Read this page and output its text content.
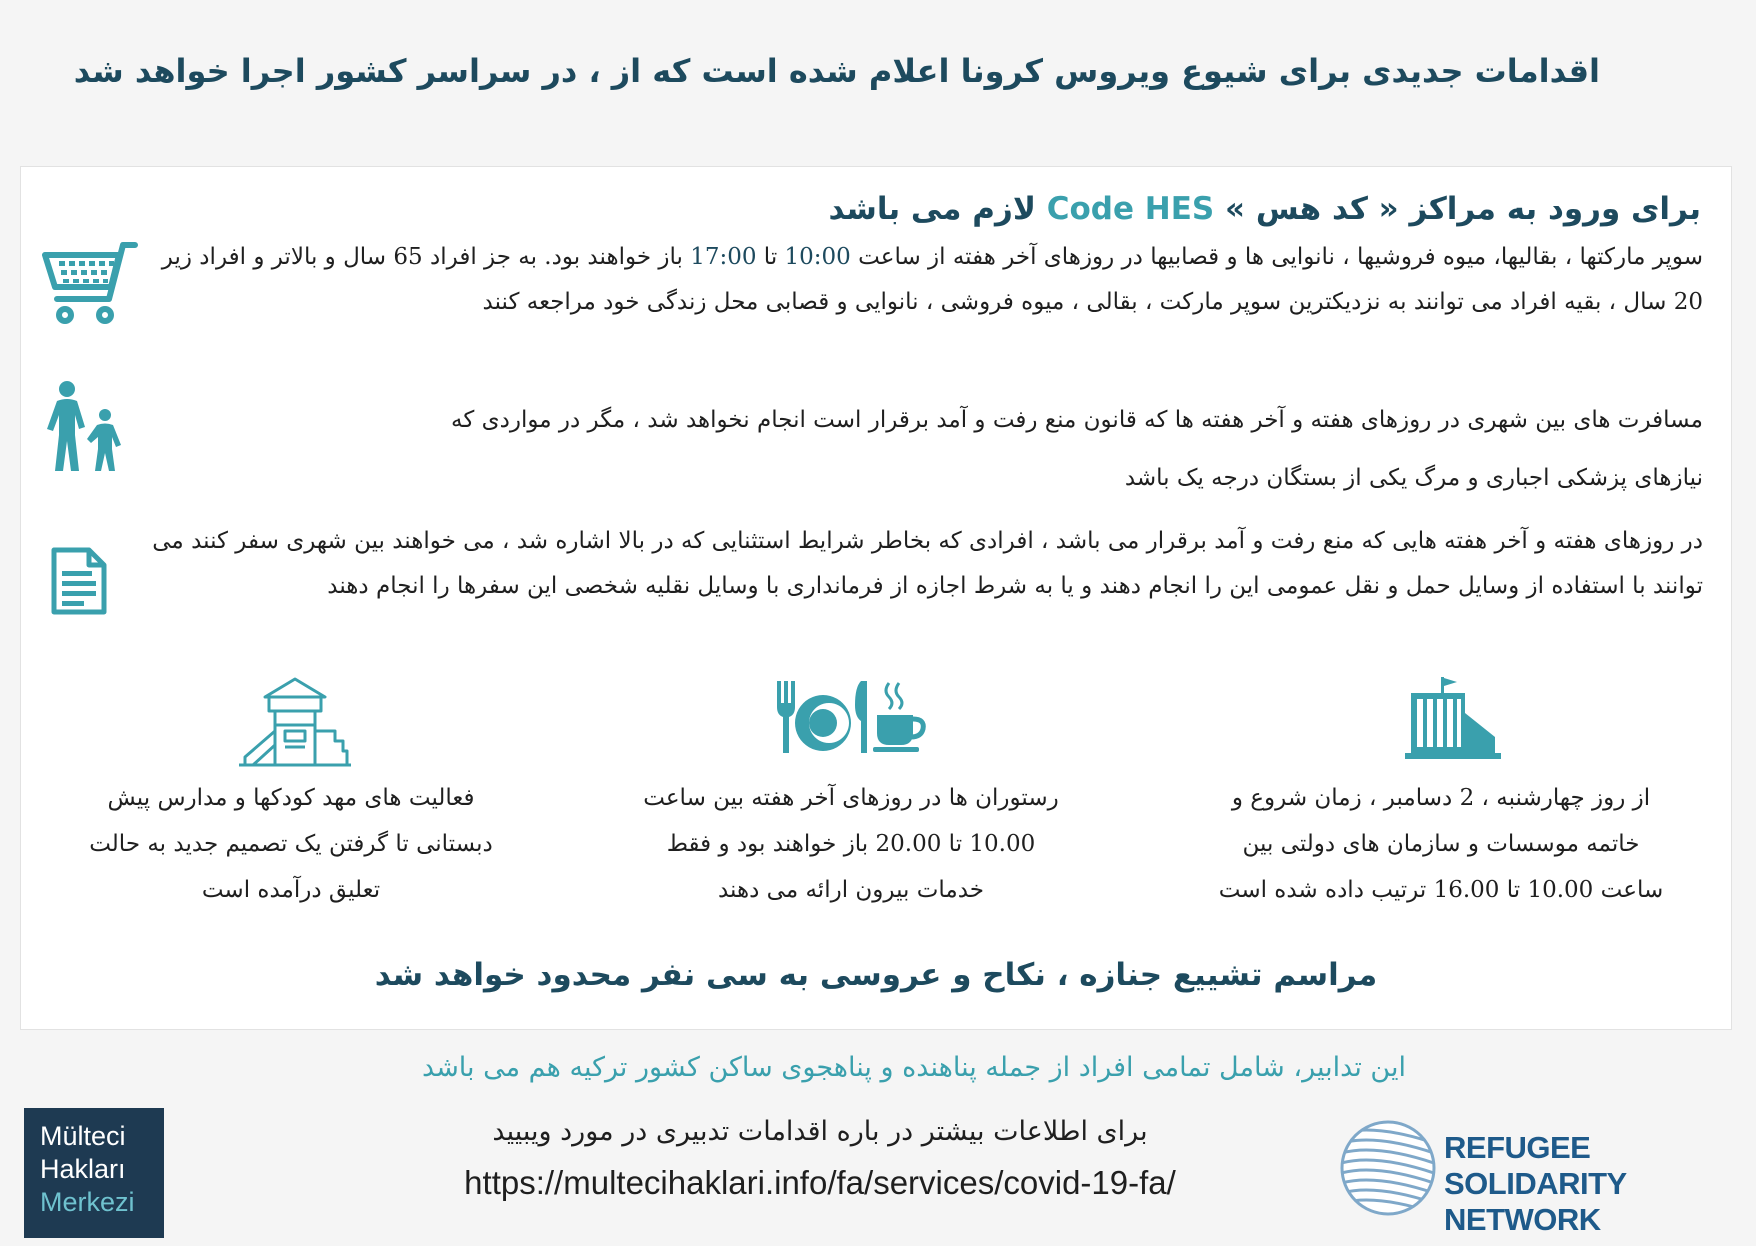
اقدامات جدیدی برای شیوع ویروس کرونا اعلام شده است که از ، در سراسر کشور اجرا خواهد شد
برای ورود به مراکز « کد هس » Code HES لازم می باشد
سوپر مارکتها ، بقالیها، میوه فروشیها ، نانوایی ها و قصابیها در روزهای آخر هفته از ساعت 10:00 تا 17:00 باز خواهند بود. به جز افراد 65 سال و بالاتر و افراد زیر 20 سال ، بقیه افراد می توانند به نزدیکترین سوپر مارکت ، بقالی ، میوه فروشی ، نانوایی و قصابی محل زندگی خود مراجعه کنند
مسافرت های بین شهری در روزهای هفته و آخر هفته ها که قانون منع رفت و آمد برقرار است انجام نخواهد شد ، مگر در مواردی که
نیازهای پزشکی اجباری و مرگ یکی از بستگان درجه یک باشد
در روزهای هفته و آخر هفته هایی که منع رفت و آمد برقرار می باشد ، افرادی که بخاطر شرایط استثنایی که در بالا اشاره شد ، می خواهند بین شهری سفر کنند می توانند با استفاده از وسایل حمل و نقل عمومی این را انجام دهند و یا به شرط اجازه از فرمانداری با وسایل نقلیه شخصی این سفرها را انجام دهند
از روز چهارشنبه ، 2 دسامبر ، زمان شروع و
خاتمه موسسات و سازمان های دولتی بین
ساعت 10.00 تا 16.00 ترتیب داده شده است
رستوران ها در روزهای آخر هفته بین ساعت
10.00 تا 20.00 باز خواهند بود و فقط
خدمات بیرون ارائه می دهند
فعالیت های مهد کودکها و مدارس پیش
دبستانی تا گرفتن یک تصمیم جدید به حالت
تعلیق درآمده است
مراسم تشییع جنازه ، نکاح و عروسی به سی نفر محدود خواهد شد
این تدابیر، شامل تمامی افراد از جمله پناهنده و پناهجوی ساکن کشور ترکیه هم می باشد
Mülteci
Hakları
Merkezi
برای اطلاعات بیشتر در باره اقدامات تدبیری در مورد ویبیید
https://multecihaklari.info/fa/services/covid-19-fa/
REFUGEE SOLIDARITY
NETWORK
